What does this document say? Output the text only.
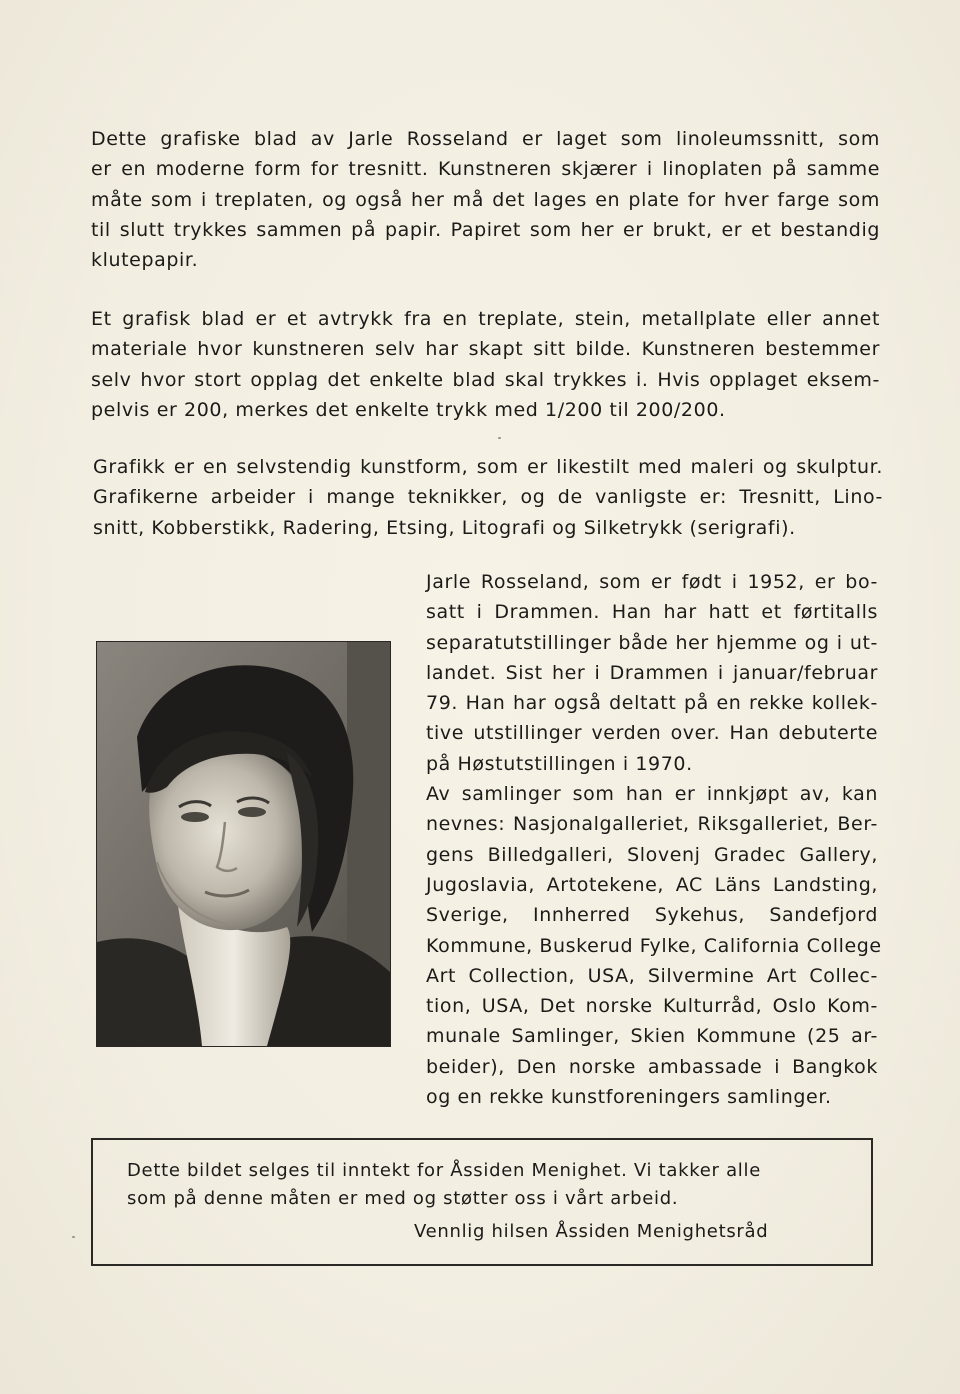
Dette grafiske blad av Jarle Rosseland er laget som linoleumssnitt, som
er en moderne form for tresnitt. Kunstneren skjærer i linoplaten på samme
måte som i treplaten, og også her må det lages en plate for hver farge som
til slutt trykkes sammen på papir. Papiret som her er brukt, er et bestandig
klutepapir.
Et grafisk blad er et avtrykk fra en treplate, stein, metallplate eller annet
materiale hvor kunstneren selv har skapt sitt bilde. Kunstneren bestemmer
selv hvor stort opplag det enkelte blad skal trykkes i. Hvis opplaget eksem-
pelvis er 200, merkes det enkelte trykk med 1/200 til 200/200.
Grafikk er en selvstendig kunstform, som er likestilt med maleri og skulptur.
Grafikerne arbeider i mange teknikker, og de vanligste er: Tresnitt, Lino-
snitt, Kobberstikk, Radering, Etsing, Litografi og Silketrykk (serigrafi).
Jarle Rosseland, som er født i 1952, er bo-
satt i Drammen. Han har hatt et førtitalls
separatutstillinger både her hjemme og i ut-
landet. Sist her i Drammen i januar/februar
79. Han har også deltatt på en rekke kollek-
tive utstillinger verden over. Han debuterte
på Høstutstillingen i 1970.
Av samlinger som han er innkjøpt av, kan
nevnes: Nasjonalgalleriet, Riksgalleriet, Ber-
gens Billedgalleri, Slovenj Gradec Gallery,
Jugoslavia, Artotekene, AC Läns Landsting,
Sverige, Innherred Sykehus, Sandefjord
Kommune, Buskerud Fylke, California College
Art Collection, USA, Silvermine Art Collec-
tion, USA, Det norske Kulturråd, Oslo Kom-
munale Samlinger, Skien Kommune (25 ar-
beider), Den norske ambassade i Bangkok
og en rekke kunstforeningers samlinger.

Dette bildet selges til inntekt for Åssiden Menighet. Vi takker alle

som på denne måten er med og støtter oss i vårt arbeid.

Vennlig hilsen Åssiden Menighetsråd
